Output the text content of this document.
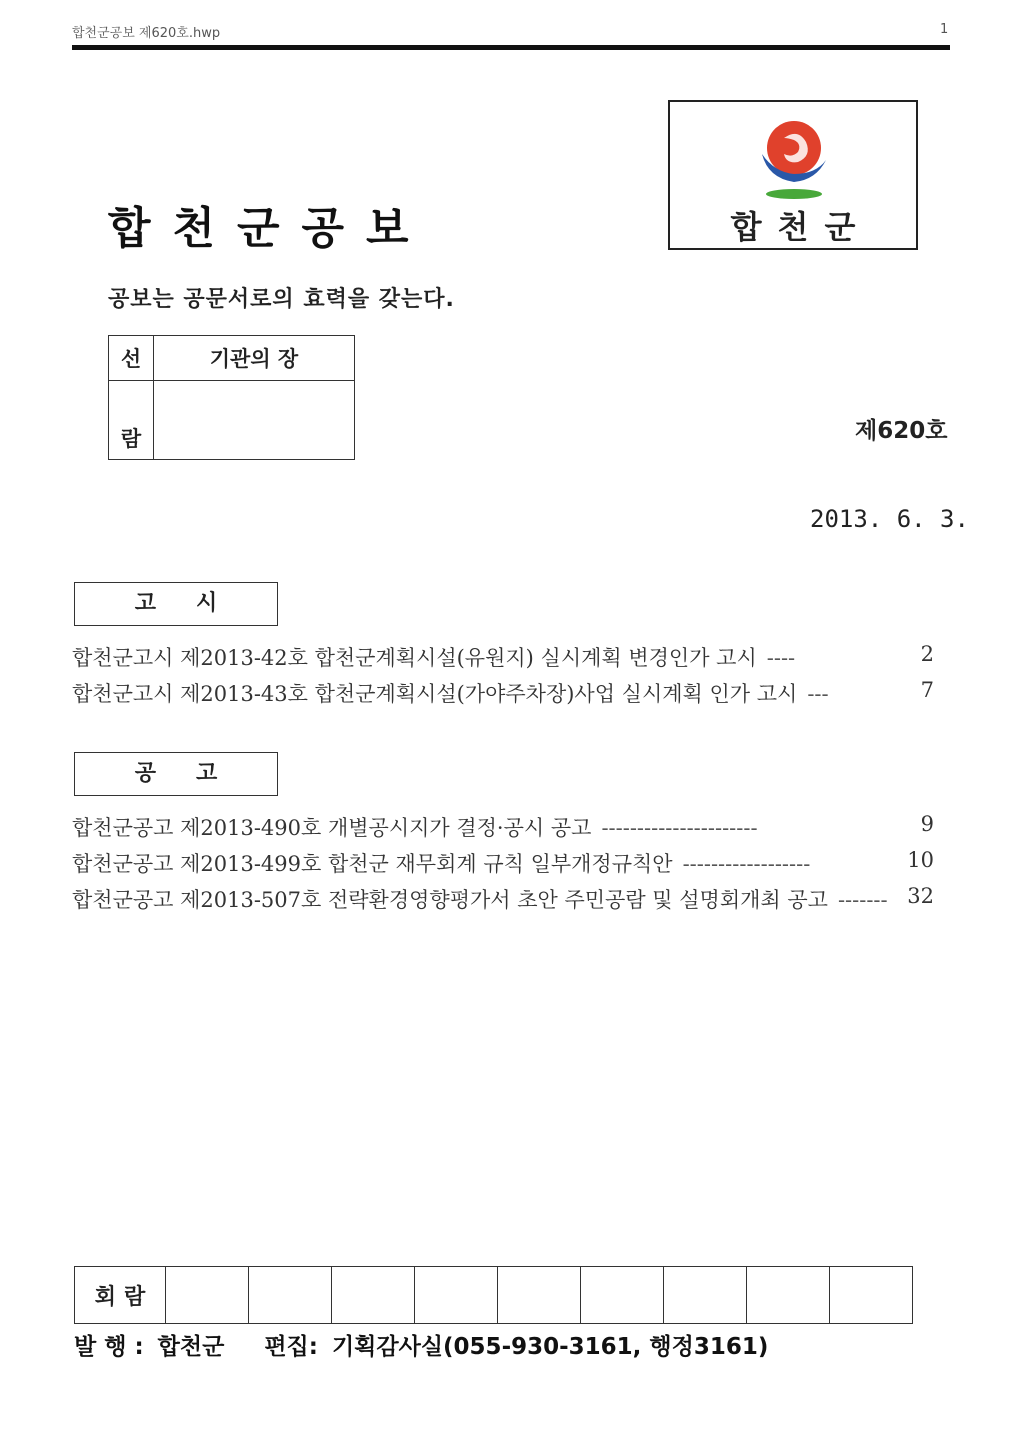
합천군공보 제620호.hwp	1
합천군
합천군공보
공보는 공문서로의 효력을 갖는다.
선	기관의 장
람		제620호
2013. 6. 3.
고시
합천군고시 제2013-42호 합천군계획시설(유원지) 실시계획 변경인가 고시 ----	2
합천군고시 제2013-43호 합천군계획시설(가야주차장)사업 실시계획 인가 고시 ---	7
공고
합천군공고 제2013-490호 개별공시지가 결정·공시 공고 ----------------------	9
합천군공고 제2013-499호 합천군 재무회계 규칙 일부개정규칙안 ------------------	10
합천군공고 제2013-507호 전략환경영향평가서 초안 주민공람 및 설명회개최 공고 ------- 32
회람									
발 행 : 합천군 편집: 기획감사실(055-930-3161, 행정3161)
